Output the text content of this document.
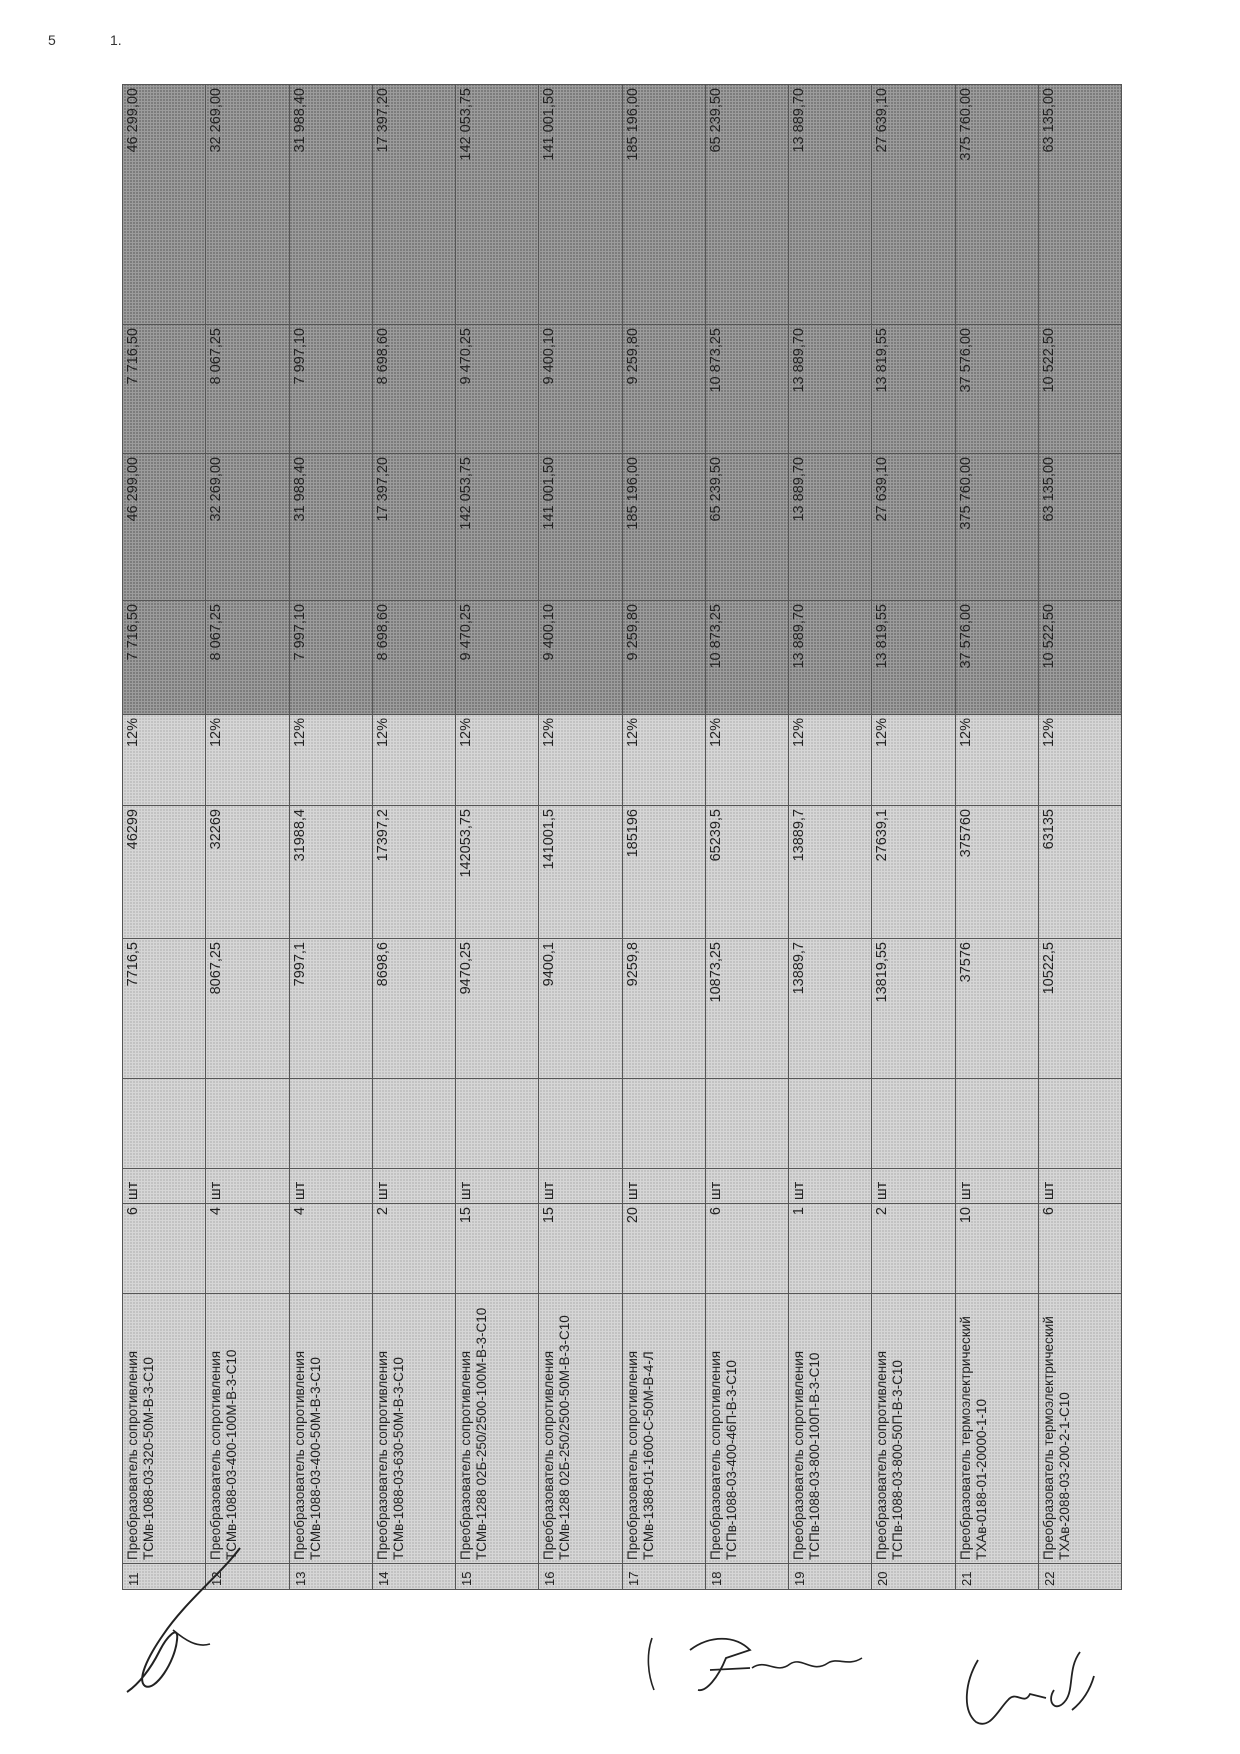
5	1.
11	Преобразователь сопротивления ТСМв-1088-03-320-50М-В-3-С10	6	шт		7716,5	46299	12%	7 716,50	46 299,00	7 716,50	46 299,00
12	Преобразователь сопротивления ТСМв-1088-03-400-100М-В-3-С10	4	шт		8067,25	32269	12%	8 067,25	32 269,00	8 067,25	32 269,00
13	Преобразователь сопротивления ТСМв-1088-03-400-50М-В-3-С10	4	шт		7997,1	31988,4	12%	7 997,10	31 988,40	7 997,10	31 988,40
14	Преобразователь сопротивления ТСМв-1088-03-630-50М-В-3-С10	2	шт		8698,6	17397,2	12%	8 698,60	17 397,20	8 698,60	17 397,20
15	Преобразователь сопротивления ТСМв-1288 02Б-250/2500-100М-В-3-С10	15	шт		9470,25	142053,75	12%	9 470,25	142 053,75	9 470,25	142 053,75
16	Преобразователь сопротивления ТСМв-1288 02Б-250/2500-50М-В-3-С10	15	шт		9400,1	141001,5	12%	9 400,10	141 001,50	9 400,10	141 001,50
17	Преобразователь сопротивления ТСМв-1388-01-1600-С-50М-В-4-Л	20	шт		9259,8	185196	12%	9 259,80	185 196,00	9 259,80	185 196,00
18	Преобразователь сопротивления ТСПв-1088-03-400-46П-В-3-С10	6	шт		10873,25	65239,5	12%	10 873,25	65 239,50	10 873,25	65 239,50
19	Преобразователь сопротивления ТСПв-1088-03-800-100П-В-3-С10	1	шт		13889,7	13889,7	12%	13 889,70	13 889,70	13 889,70	13 889,70
20	Преобразователь сопротивления ТСПв-1088-03-800-50П-В-3-С10	2	шт		13819,55	27639,1	12%	13 819,55	27 639,10	13 819,55	27 639,10
21	Преобразователь термоэлектрический ТХАв-0188-01-20000-1-10	10	шт		37576	375760	12%	37 576,00	375 760,00	37 576,00	375 760,00
22	Преобразователь термоэлектрический ТХАв-2088-03-200-2-1-С10	6	шт		10522,5	63135	12%	10 522,50	63 135,00	10 522,50	63 135,00
